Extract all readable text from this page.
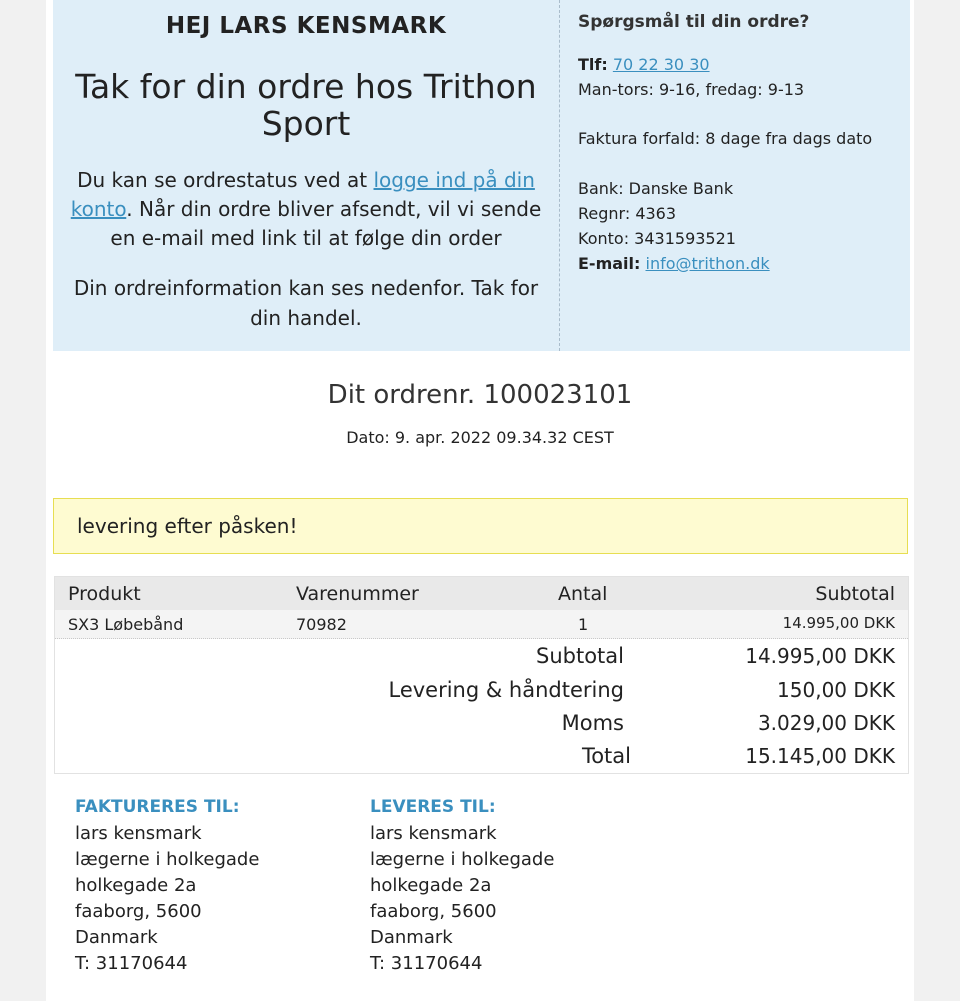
HEJ LARS KENSMARK
Tak for din ordre hos Trithon Sport
Du kan se ordrestatus ved at logge ind på din konto. Når din ordre bliver afsendt, vil vi sende en e-mail med link til at følge din order
Din ordreinformation kan ses nedenfor. Tak for din handel.
Spørgsmål til din ordre?
Tlf: 70 22 30 30
Man-tors: 9-16, fredag: 9-13
Faktura forfald: 8 dage fra dags dato
Bank: Danske Bank
Regnr: 4363
Konto: 3431593521
E-mail: info@trithon.dk
Dit ordrenr. 100023101
Dato: 9. apr. 2022 09.34.32 CEST
levering efter påsken!
Produkt	Varenummer	Antal	Subtotal
SX3 Løbebånd	70982	1	14.995,00 DKK
Subtotal	14.995,00 DKK
Levering & håndtering	150,00 DKK
Moms	3.029,00 DKK
Total	15.145,00 DKK
FAKTURERES TIL:
lars kensmark
lægerne i holkegade
holkegade 2a
faaborg, 5600
Danmark
T: 31170644
LEVERES TIL:
lars kensmark
lægerne i holkegade
holkegade 2a
faaborg, 5600
Danmark
T: 31170644
